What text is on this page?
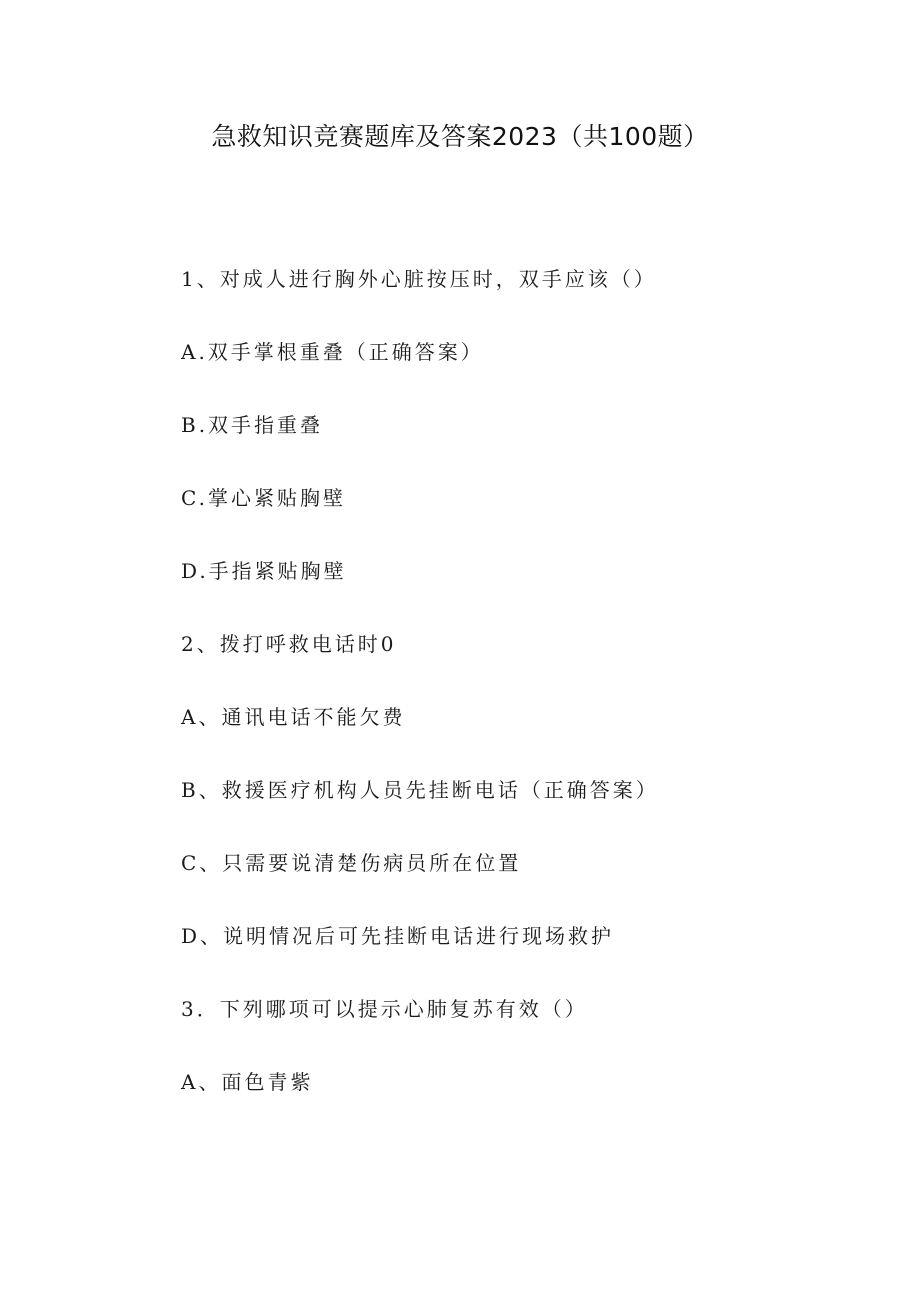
急救知识竞赛题库及答案2023（共100题）
1、对成人进行胸外心脏按压时，双手应该（）
A.双手掌根重叠（正确答案）
B.双手指重叠
C.掌心紧贴胸壁
D.手指紧贴胸壁
2、拨打呼救电话时0
A、通讯电话不能欠费
B、救援医疗机构人员先挂断电话（正确答案）
C、只需要说清楚伤病员所在位置
D、说明情况后可先挂断电话进行现场救护
3．下列哪项可以提示心肺复苏有效（）
A、面色青紫
